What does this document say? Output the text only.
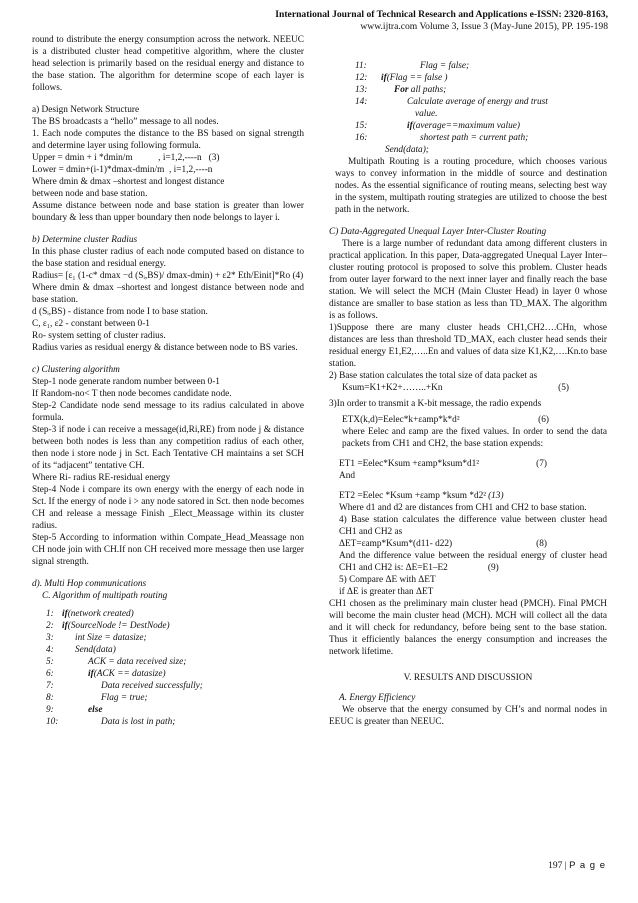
International Journal of Technical Research and Applications e-ISSN: 2320-8163,
www.ijtra.com Volume 3, Issue 3 (May-June 2015), PP. 195-198

round to distribute the energy consumption across the network. NEEUC is a distributed cluster head competitive algorithm, where the cluster head selection is primarily based on the residual energy and distance to the base station. The algorithm for determine scope of each layer is follows.

a) Design Network Structure

The BS broadcasts a “hello” message to all nodes.

1. Each node computes the distance to the BS based on signal strength and determine layer using following formula.

Upper = dmin + i *dmin/m           , i=1,2,----n   (3)

Lower = dmin+(i-1)*dmax-dmin/m  , i=1,2,----n

Where dmin & dmax –shortest and longest distance

between node and base station.

Assume distance between node and base station is greater than lower boundary & less than upper boundary then node belongs to layer i.

b) Determine cluster Radius

In this phase cluster radius of each node computed based on distance to the base station and residual energy.

Radius= [ε₁ (1-c* dmax −d (Sᵢ,BS)/ dmax-dmin) + ε2* Eth/Einit]*Ro (4)

Where dmin & dmax –shortest and longest distance between node and base station.

d (Sᵢ,BS) - distance from node I to base station.

C, ε₁, ε2 - constant between 0-1

Ro- system setting of cluster radius.

Radius varies as residual energy & distance between node to BS varies.

c) Clustering algorithm

Step-1 node generate random number between 0-1

If Random-no< T then node becomes candidate node.

Step-2 Candidate node send message to its radius calculated in above formula.

Step-3 if node i can receive a message(id,Ri,RE) from node j & distance between both nodes is less than any competition radius of each other, then node i store node j in Sct. Each Tentative CH maintains a set SCH of its “adjacent” tentative CH.

Where Ri- radius RE-residual energy

Step-4 Node i compare its own energy with the energy of each node in Sct. If the energy of node i > any node satored in Sct. then node becomes CH and release a message Finish _Elect_Meassage within its cluster radius.

Step-5 According to information within Compate_Head_Meassage non CH node join with CH.If non CH received more message then use larger signal strength.

d). Multi Hop communications

C. Algorithm of multipath routing

1: if(network created)
2: if(SourceNode != DestNode)
3: int Size = datasize;
4: Send(data)
5:	ACK = data received size;
6:	if(ACK == datasize)
7:	Data received successfully;
8:	Flag = true;
9:	else
10:	Data is lost in path;
11:	Flag = false;
12: if(Flag == false )
13:	For all paths;
14:	Calculate average of energy and trust
value.
15:	if(average==maximum value)
16:	shortest path = current path;
Send(data);

Multipath Routing is a routing procedure, which chooses various ways to convey information in the middle of source and destination nodes. As the essential significance of routing means, selecting best way in the system, multipath routing strategies are utilized to choose the best path in the network.

C) Data-Aggregated Unequal Layer Inter-Cluster Routing

There is a large number of redundant data among different clusters in practical application. In this paper, Data-aggregated Unequal Layer Inter–cluster routing protocol is proposed to solve this problem. Cluster heads from outer layer forward to the next inner layer and finally reach the base station. We will select the MCH (Main Cluster Head) in layer 0 whose distance are smaller to base station as less than TD_MAX. The algorithm is as follows.

1)Suppose there are many cluster heads CH1,CH2….CHn, whose distances are less than threshold TD_MAX, each cluster head sends their residual energy E1,E2,…..En and values of data size K1,K2,….Kn.to base station.

2) Base station calculates the total size of data packet as

Ksum=K1+K2+……..+Kn	(5)

3)In order to transmit a K-bit message, the radio expends

ETX(k,d)=Eelec*k+εamp*k*d²	(6)

where Eelec and εamp are the fixed values. In order to send the data packets from CH1 and CH2, the base station expends:

ET1 =Eelec*Ksum +εamp*ksum*d1²	(7)

And

ET2 =Eelec *Ksum +εamp *ksum *d2² (13)

Where d1 and d2 are distances from CH1 and CH2 to base station.

4) Base station calculates the difference value between cluster head CH1 and CH2 as

ΔET=εamp*Ksum*(d11- d22)	(8)

And the difference value between the residual energy of cluster head CH1 and CH2 is: ΔE=E1–E2	(9)

5) Compare ΔE with ΔET

if ΔE is greater than ΔET

CH1 chosen as the preliminary main cluster head (PMCH). Final PMCH will become the main cluster head (MCH). MCH will collect all the data and it will check for redundancy, before being sent to the base station. Thus it efficiently balances the energy consumption and increases the network lifetime.

V. RESULTS AND DISCUSSION

A. Energy Efficiency

We observe that the energy consumed by CH’s and normal nodes in EEUC is greater than NEEUC.

197 | P a g e
